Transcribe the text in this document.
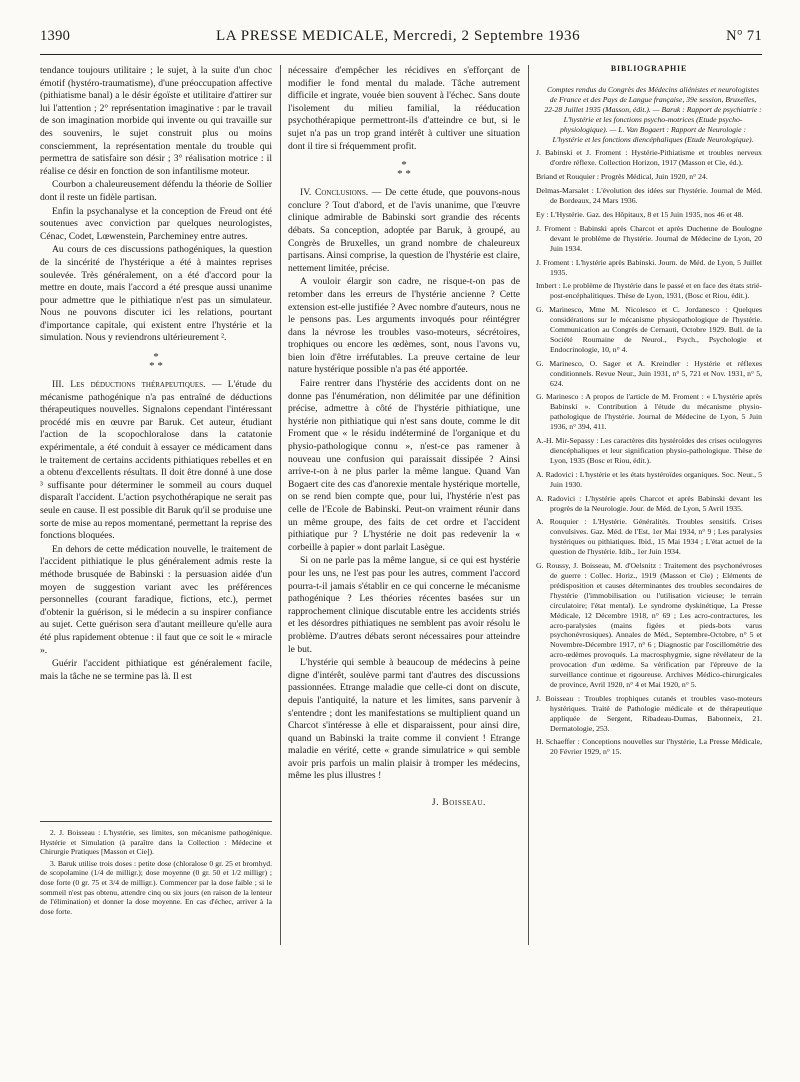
1390	LA PRESSE MEDICALE, Mercredi, 2 Septembre 1936	N° 71

tendance toujours utilitaire ; le sujet, à la suite d'un choc émotif (hystéro-traumatisme), d'une préoccupation affective (pithiatisme banal) a le désir égoïste et utilitaire d'attirer sur lui l'attention ; 2° représentation imaginative : par le travail de son imagination morbide qui invente ou qui travaille sur des souvenirs, le sujet construit plus ou moins consciemment, la représentation mentale du trouble qui permettra de satisfaire son désir ; 3° réalisation motrice : il réalise ce désir en fonction de son infantilisme moteur.

Courbon a chaleureusement défendu la théorie de Sollier dont il reste un fidèle partisan.

Enfin la psychanalyse et la conception de Freud ont été soutenues avec conviction par quelques neurologistes, Cénac, Codet, Lœwenstein, Parcheminey entre autres.

Au cours de ces discussions pathogéniques, la question de la sincérité de l'hystérique a été à maintes reprises soulevée. Très généralement, on a été d'accord pour la mettre en doute, mais l'accord a été presque aussi unanime pour admettre que le pithiatique n'est pas un simulateur. Nous ne pouvons discuter ici les relations, pourtant d'importance capitale, qui existent entre l'hystérie et la simulation. Nous y reviendrons ultérieurement ².

*
* *

III. Les déductions thérapeutiques. — L'étude du mécanisme pathogénique n'a pas entraîné de déductions thérapeutiques nouvelles. Signalons cependant l'intéressant procédé mis en œuvre par Baruk. Cet auteur, étudiant l'action de la scopochloralose dans la catatonie expérimentale, a été conduit à essayer ce médicament dans le traitement de certains accidents pithiatiques rebelles et en a obtenu d'excellents résultats. Il doit être donné à une dose ³ suffisante pour déterminer le sommeil au cours duquel disparaît l'accident. L'action psychothérapique ne serait pas seule en cause. Il est possible dit Baruk qu'il se produise une sorte de mise au repos momentané, permettant la reprise des fonctions bloquées.

En dehors de cette médication nouvelle, le traitement de l'accident pithiatique le plus généralement admis reste la méthode brusquée de Babinski : la persuasion aidée d'un moyen de suggestion variant avec les préférences personnelles (courant faradique, fictions, etc.), permet d'obtenir la guérison, si le médecin a su inspirer confiance au sujet. Cette guérison sera d'autant meilleure qu'elle aura été plus rapidement obtenue : il faut que ce soit le « miracle ».

Guérir l'accident pithiatique est généralement facile, mais la tâche ne se termine pas là. Il est

2. J. Boisseau : L'hystérie, ses limites, son mécanisme pathogénique. Hystérie et Simulation (à paraître dans la Collection : Médecine et Chirurgie Pratiques [Masson et Cie]).

3. Baruk utilise trois doses : petite dose (chloralose 0 gr. 25 et bromhyd. de scopolamine (1/4 de milligr.); dose moyenne (0 gr. 50 et 1/2 milligr) ; dose forte (0 gr. 75 et 3/4 de milligr.). Commencer par la dose faible ; si le sommeil n'est pas obtenu, attendre cinq ou six jours (en raison de la lenteur de l'élimination) et donner la dose moyenne. En cas d'échec, arriver à la dose forte.

nécessaire d'empêcher les récidives en s'efforçant de modifier le fond mental du malade. Tâche autrement difficile et ingrate, vouée bien souvent à l'échec. Sans doute l'isolement du milieu familial, la rééducation psychothérapique permettront-ils d'atteindre ce but, si le sujet n'a pas un trop grand intérêt à cultiver une situation dont il tire si fréquemment profit.

*
* *

IV. Conclusions. — De cette étude, que pouvons-nous conclure ? Tout d'abord, et de l'avis unanime, que l'œuvre clinique admirable de Babinski sort grandie des récents débats. Sa conception, adoptée par Baruk, à groupé, au Congrès de Bruxelles, un grand nombre de chaleureux partisans. Ainsi comprise, la question de l'hystérie est claire, nettement limitée, précise.

A vouloir élargir son cadre, ne risque-t-on pas de retomber dans les erreurs de l'hystérie ancienne ? Cette extension est-elle justifiée ? Avec nombre d'auteurs, nous ne le pensons pas. Les arguments invoqués pour réintégrer dans la névrose les troubles vaso-moteurs, sécrétoires, trophiques ou encore les œdèmes, sont, nous l'avons vu, bien loin d'être irréfutables. La preuve certaine de leur nature hystérique possible n'a pas été apportée.

Faire rentrer dans l'hystérie des accidents dont on ne donne pas l'énumération, non délimitée par une définition précise, admettre à côté de l'hystérie pithiatique, une hystérie non pithiatique qui n'est sans doute, comme le dit Froment que « le résidu indéterminé de l'organique et du physio-pathologique connu », n'est-ce pas ramener à nouveau une confusion qui paraissait dissipée ? Ainsi arrive-t-on à ne plus parler la même langue. Quand Van Bogaert cite des cas d'anorexie mentale hystérique mortelle, on se rend bien compte que, pour lui, l'hystérie n'est pas celle de l'Ecole de Babinski. Peut-on vraiment réunir dans un même groupe, des faits de cet ordre et l'accident pithiatique pur ? L'hystérie ne doit pas redevenir la « corbeille à papier » dont parlait Lasègue.

Si on ne parle pas la même langue, si ce qui est hystérie pour les uns, ne l'est pas pour les autres, comment l'accord pourra-t-il jamais s'établir en ce qui concerne le mécanisme pathogénique ? Les théories récentes basées sur un rapprochement clinique discutable entre les accidents striés et les désordres pithiatiques ne semblent pas avoir résolu le problème. D'autres débats seront nécessaires pour atteindre le but.

L'hystérie qui semble à beaucoup de médecins à peine digne d'intérêt, soulève parmi tant d'autres des discussions passionnées. Etrange maladie que celle-ci dont on discute, depuis l'antiquité, la nature et les limites, sans parvenir à s'entendre ; dont les manifestations se multiplient quand un Charcot s'intéresse à elle et disparaissent, pour ainsi dire, quand un Babinski la traite comme il convient ! Etrange maladie en vérité, cette « grande simulatrice » qui semble avoir pris parfois un malin plaisir à tromper les médecins, même les plus illustres !

J. Boisseau.
BIBLIOGRAPHIE
Comptes rendus du Congrès des Médecins aliénistes et neurologistes de France et des Pays de Langue française, 39e session, Bruxelles, 22-28 Juillet 1935 (Masson, édit.). — Baruk : Rapport de psychiatrie : L'hystérie et les fonctions psycho-motrices (Etude psycho-physiologique). — L. Van Bogaert : Rapport de Neurologie : L'hystérie et les fonctions diencéphaliques (Etude Neurologique).
J. Babinski et J. Froment : Hystérie-Pithiatisme et troubles nerveux d'ordre réflexe. Collection Horizon, 1917 (Masson et Cie, éd.).
Briand et Rouquier : Progrès Médical, Juin 1920, n° 24.
Delmas-Marsalet : L'évolution des idées sur l'hystérie. Journal de Méd. de Bordeaux, 24 Mars 1936.
Ey : L'Hystérie. Gaz. des Hôpitaux, 8 et 15 Juin 1935, nos 46 et 48.
J. Froment : Babinski après Charcot et après Duchenne de Boulogne devant le problème de l'hystérie. Journal de Médecine de Lyon, 20 Juin 1934.
J. Froment : L'hystérie après Babinski. Journ. de Méd. de Lyon, 5 Juillet 1935.
Imbert : Le problème de l'hystérie dans le passé et en face des états strié- post-encéphalitiques. Thèse de Lyon, 1931, (Bosc et Riou, édit.).
G. Marinesco, Mme M. Nicolesco et C. Jordanesco : Quelques considérations sur le mécanisme physiopathologique de l'hystérie. Communication au Congrès de Cernauti, Octobre 1929. Bull. de la Société Roumaine de Neurol., Psych., Psychologie et Endocrinologie, 10, n° 4.
G. Marinesco, O. Sager et A. Kreindler : Hystérie et réflexes conditionnels. Revue Neur., Juin 1931, n° 5, 721 et Nov. 1931, n° 5, 624.
G. Marinesco : A propos de l'article de M. Froment : « L'hystérie après Babinski ». Contribution à l'étude du mécanisme physio-pathologique de l'hystérie. Journal de Médecine de Lyon, 5 Juin 1936, n° 394, 411.
A.-H. Mir-Sepassy : Les caractères dits hystéroïdes des crises oculogyres diencéphaliques et leur signification physio-pathologique. Thèse de Lyon, 1935 (Bosc et Riou, édit.).
A. Radovici : L'hystérie et les états hystéroïdes organiques. Soc. Neur., 5 Juin 1930.
A. Radovici : L'hystérie après Charcot et après Babinski devant les progrès de la Neurologie. Jour. de Méd. de Lyon, 5 Avril 1935.
A. Rouquier : L'Hystérie. Généralités. Troubles sensitifs. Crises convulsives. Gaz. Méd. de l'Est, 1er Mai 1934, n° 9 ; Les paralysies hystériques ou pithiatiques. Ibid., 15 Mai 1934 ; L'état actuel de la question de l'hystérie. Idib., 1er Juin 1934.
G. Roussy, J. Boisseau, M. d'Oelsnitz : Traitement des psychonévroses de guerre : Collec. Horiz., 1919 (Masson et Cie) ; Eléments de prédisposition et causes déterminantes des troubles secondaires de l'hystérie (l'immobilisation ou l'utilisation vicieuse; le terrain circulatoire; l'état mental). Le syndrome dyskinétique, La Presse Médicale, 12 Décembre 1918, n° 69 ; Les acro-contractures, les acro-paralysies (mains figées et pieds-bots varus psychonévrosiques). Annales de Méd., Septembre-Octobre, n° 5 et Novembre-Décembre 1917, n° 6 ; Diagnostic par l'oscillométrie des acro-œdèmes provoqués. La macrosphygmie, signe révélateur de la provocation d'un œdème. Sa vérification par l'épreuve de la surveillance continue et rigoureuse. Archives Médico-chirurgicales de province, Avril 1920, n° 4 et Mai 1920, n° 5.
J. Boisseau : Troubles trophiques cutanés et troubles vaso-moteurs hystériques. Traité de Pathologie médicale et de thérapeutique appliquée de Sergent, Ribadeau-Dumas, Babonneix, 21. Dermatologie, 253.
H. Schaeffer : Conceptions nouvelles sur l'hystérie, La Presse Médicale, 20 Février 1929, n° 15.
